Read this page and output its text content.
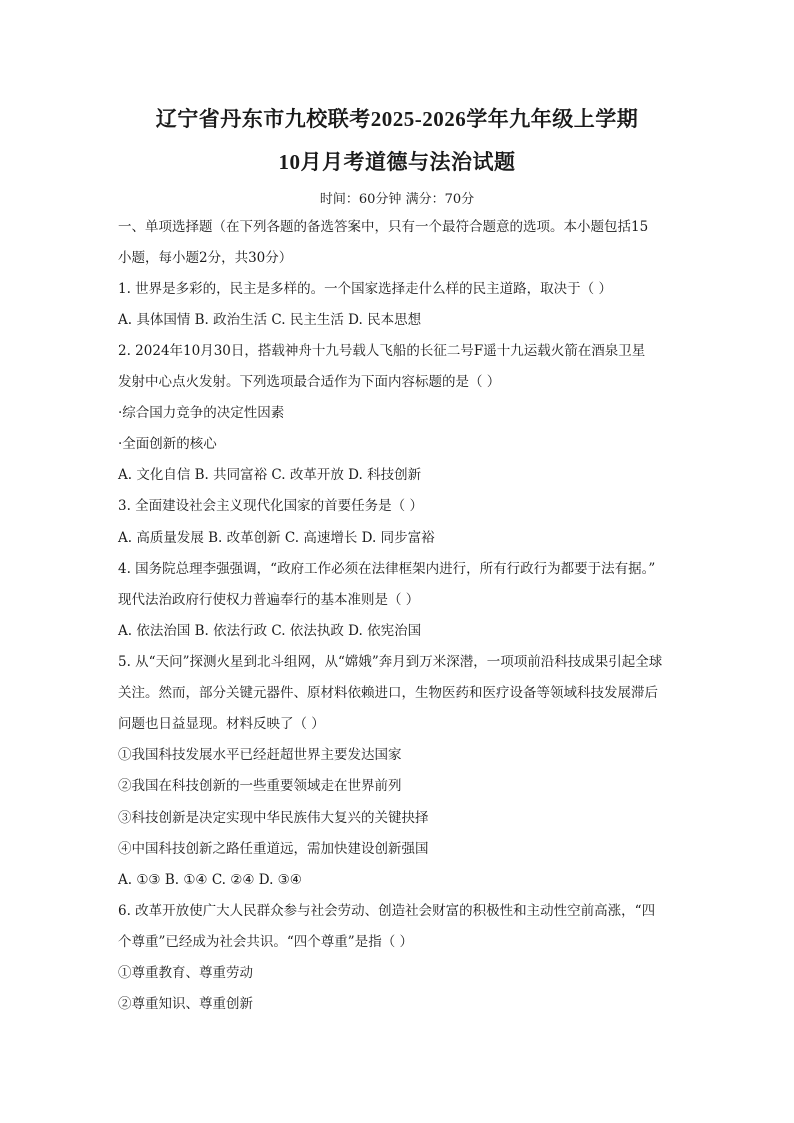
辽宁省丹东市九校联考2025-2026学年九年级上学期
10月月考道德与法治试题
时间：60分钟 满分：70分
一、单项选择题（在下列各题的备选答案中，只有一个最符合题意的选项。本小题包括15
小题，每小题2分，共30分）
1. 世界是多彩的，民主是多样的。一个国家选择走什么样的民主道路，取决于（ ）
A. 具体国情 B. 政治生活 C. 民主生活 D. 民本思想
2. 2024年10月30日，搭载神舟十九号载人飞船的长征二号F遥十九运载火箭在酒泉卫星
发射中心点火发射。下列选项最合适作为下面内容标题的是（ ）
·综合国力竞争的决定性因素
·全面创新的核心
A. 文化自信 B. 共同富裕 C. 改革开放 D. 科技创新
3. 全面建设社会主义现代化国家的首要任务是（ ）
A. 高质量发展 B. 改革创新 C. 高速增长 D. 同步富裕
4. 国务院总理李强强调，“政府工作必须在法律框架内进行，所有行政行为都要于法有据。”
现代法治政府行使权力普遍奉行的基本准则是（ ）
A. 依法治国 B. 依法行政 C. 依法执政 D. 依宪治国
5. 从“天问”探测火星到北斗组网，从“嫦娥”奔月到万米深潜，一项项前沿科技成果引起全球
关注。然而，部分关键元器件、原材料依赖进口，生物医药和医疗设备等领域科技发展滞后
问题也日益显现。材料反映了（ ）
①我国科技发展水平已经赶超世界主要发达国家
②我国在科技创新的一些重要领域走在世界前列
③科技创新是决定实现中华民族伟大复兴的关键抉择
④中国科技创新之路任重道远，需加快建设创新强国
A. ①③ B. ①④ C. ②④ D. ③④
6. 改革开放使广大人民群众参与社会劳动、创造社会财富的积极性和主动性空前高涨，“四
个尊重”已经成为社会共识。“四个尊重”是指（ ）
①尊重教育、尊重劳动
②尊重知识、尊重创新
